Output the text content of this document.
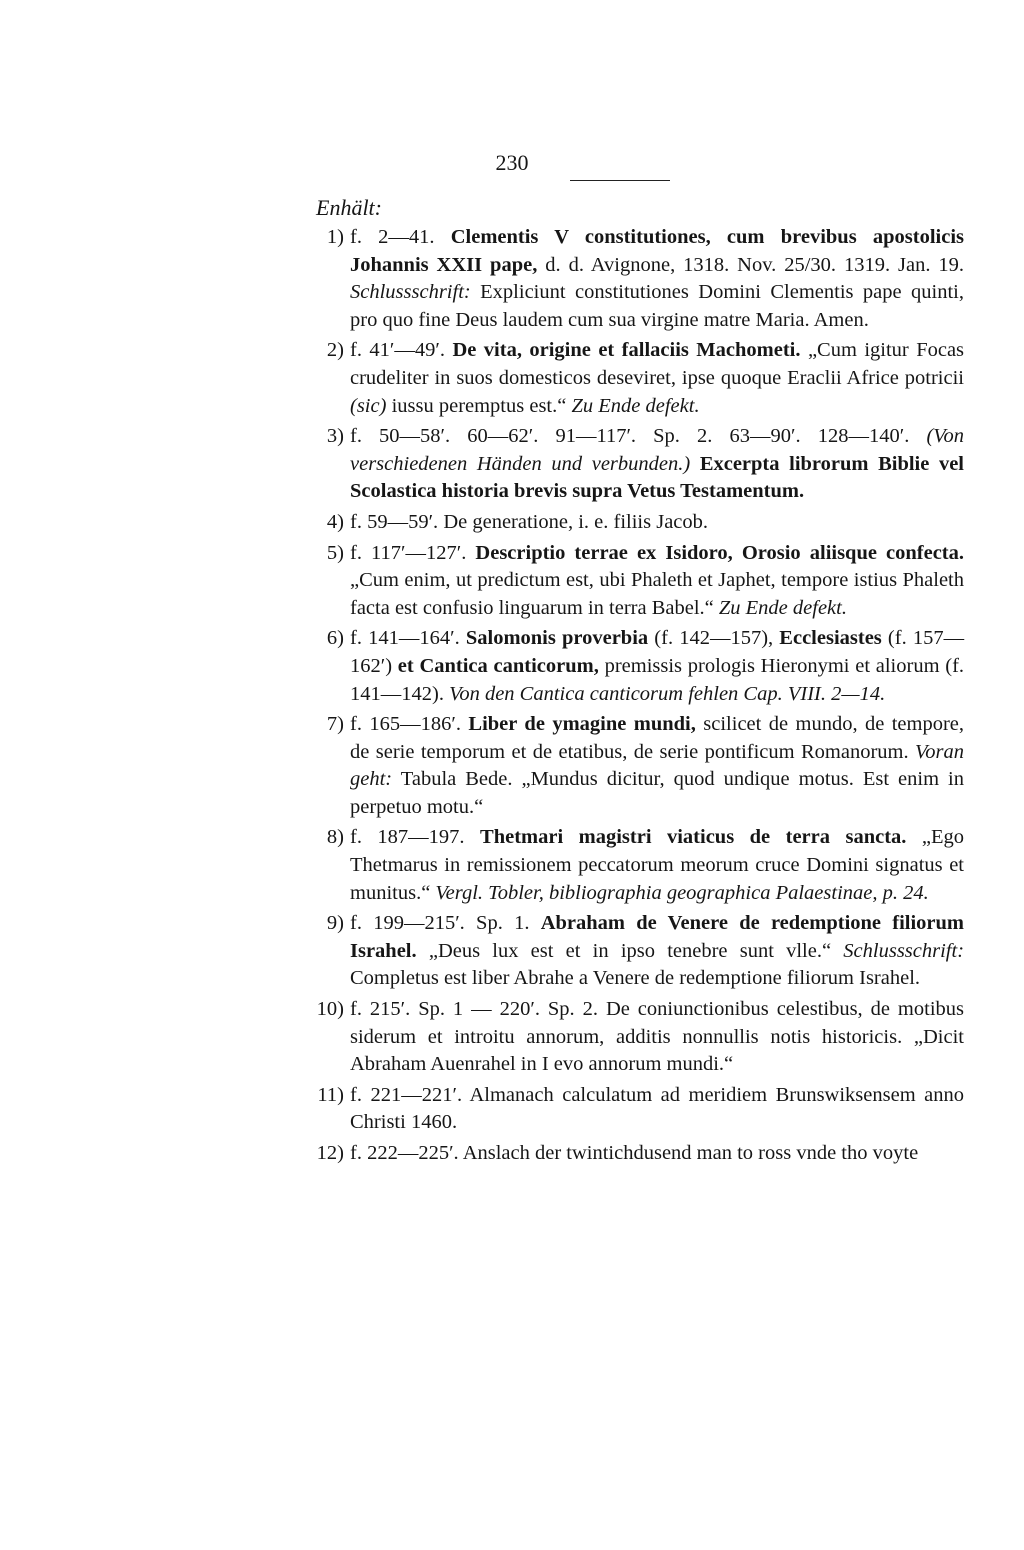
230
Enhält:
1) f. 2—41. Clementis V constitutiones, cum brevibus apostolicis Johannis XXII pape, d. d. Avignone, 1318. Nov. 25/30. 1319. Jan. 19. Schlussschrift: Expliciunt constitutiones Domini Clementis pape quinti, pro quo fine Deus laudem cum sua virgine matre Maria. Amen.
2) f. 41′—49′. De vita, origine et fallaciis Machometi. „Cum igitur Focas crudeliter in suos domesticos deseviret, ipse quoque Eraclii Africe potricii (sic) iussu peremptus est.“ Zu Ende defekt.
3) f. 50—58′. 60—62′. 91—117′. Sp. 2. 63—90′. 128—140′. (Von verschiedenen Händen und verbunden.) Excerpta librorum Biblie vel Scolastica historia brevis supra Vetus Testamentum.
4) f. 59—59′. De generatione, i. e. filiis Jacob.
5) f. 117′—127′. Descriptio terrae ex Isidoro, Orosio aliisque confecta. „Cum enim, ut predictum est, ubi Phaleth et Japhet, tempore istius Phaleth facta est confusio linguarum in terra Babel.“ Zu Ende defekt.
6) f. 141—164′. Salomonis proverbia (f. 142—157), Ecclesiastes (f. 157—162′) et Cantica canticorum, premissis prologis Hieronymi et aliorum (f. 141—142). Von den Cantica canticorum fehlen Cap. VIII. 2—14.
7) f. 165—186′. Liber de ymagine mundi, scilicet de mundo, de tempore, de serie temporum et de etatibus, de serie pontificum Romanorum. Voran geht: Tabula Bede. „Mundus dicitur, quod undique motus. Est enim in perpetuo motu.“
8) f. 187—197. Thetmari magistri viaticus de terra sancta. „Ego Thetmarus in remissionem peccatorum meorum cruce Domini signatus et munitus.“ Vergl. Tobler, bibliographia geographica Palaestinae, p. 24.
9) f. 199—215′. Sp. 1. Abraham de Venere de redemptione filiorum Israhel. „Deus lux est et in ipso tenebre sunt vlle.“ Schlussschrift: Completus est liber Abrahe a Venere de redemptione filiorum Israhel.
10) f. 215′. Sp. 1 — 220′. Sp. 2. De coniunctionibus celestibus, de motibus siderum et introitu annorum, additis nonnullis notis historicis. „Dicit Abraham Auenrahel in I evo annorum mundi.“
11) f. 221—221′. Almanach calculatum ad meridiem Brunswiksensem anno Christi 1460.
12) f. 222—225′. Anslach der twintichdusend man to ross vnde tho voyte
